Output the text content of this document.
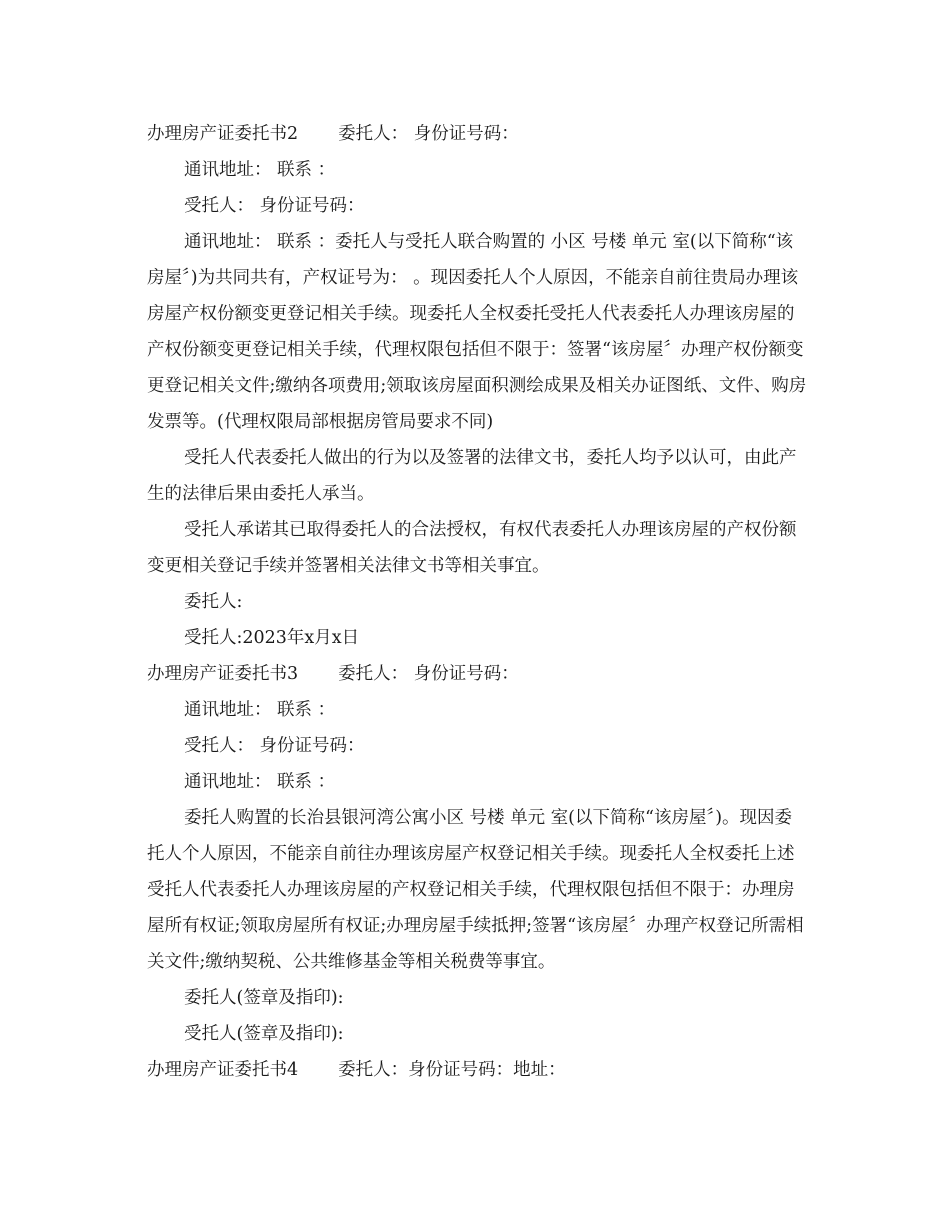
办理房产证委托书2 委托人： 身份证号码：

通讯地址： 联系 ：

受托人： 身份证号码：

通讯地址： 联系 ：委托人与受托人联合购置的 小区 号楼 单元 室(以下简称“该房屋〞)为共同共有，产权证号为： 。现因委托人个人原因，不能亲自前往贵局办理该房屋产权份额变更登记相关手续。现委托人全权委托受托人代表委托人办理该房屋的产权份额变更登记相关手续，代理权限包括但不限于：签署“该房屋〞办理产权份额变更登记相关文件;缴纳各项费用;领取该房屋面积测绘成果及相关办证图纸、文件、购房发票等。(代理权限局部根据房管局要求不同)

受托人代表委托人做出的行为以及签署的法律文书，委托人均予以认可，由此产生的法律后果由委托人承当。

受托人承诺其已取得委托人的合法授权，有权代表委托人办理该房屋的产权份额变更相关登记手续并签署相关法律文书等相关事宜。

委托人:

受托人:2023年x月x日

办理房产证委托书3 委托人： 身份证号码：

通讯地址： 联系 ：

受托人： 身份证号码：

通讯地址： 联系 ：

委托人购置的长治县银河湾公寓小区 号楼 单元 室(以下简称“该房屋〞)。现因委托人个人原因，不能亲自前往办理该房屋产权登记相关手续。现委托人全权委托上述受托人代表委托人办理该房屋的产权登记相关手续，代理权限包括但不限于：办理房屋所有权证;领取房屋所有权证;办理房屋手续抵押;签署“该房屋〞办理产权登记所需相关文件;缴纳契税、公共维修基金等相关税费等事宜。

委托人(签章及指印):

受托人(签章及指印):

办理房产证委托书4 委托人：身份证号码：地址：
